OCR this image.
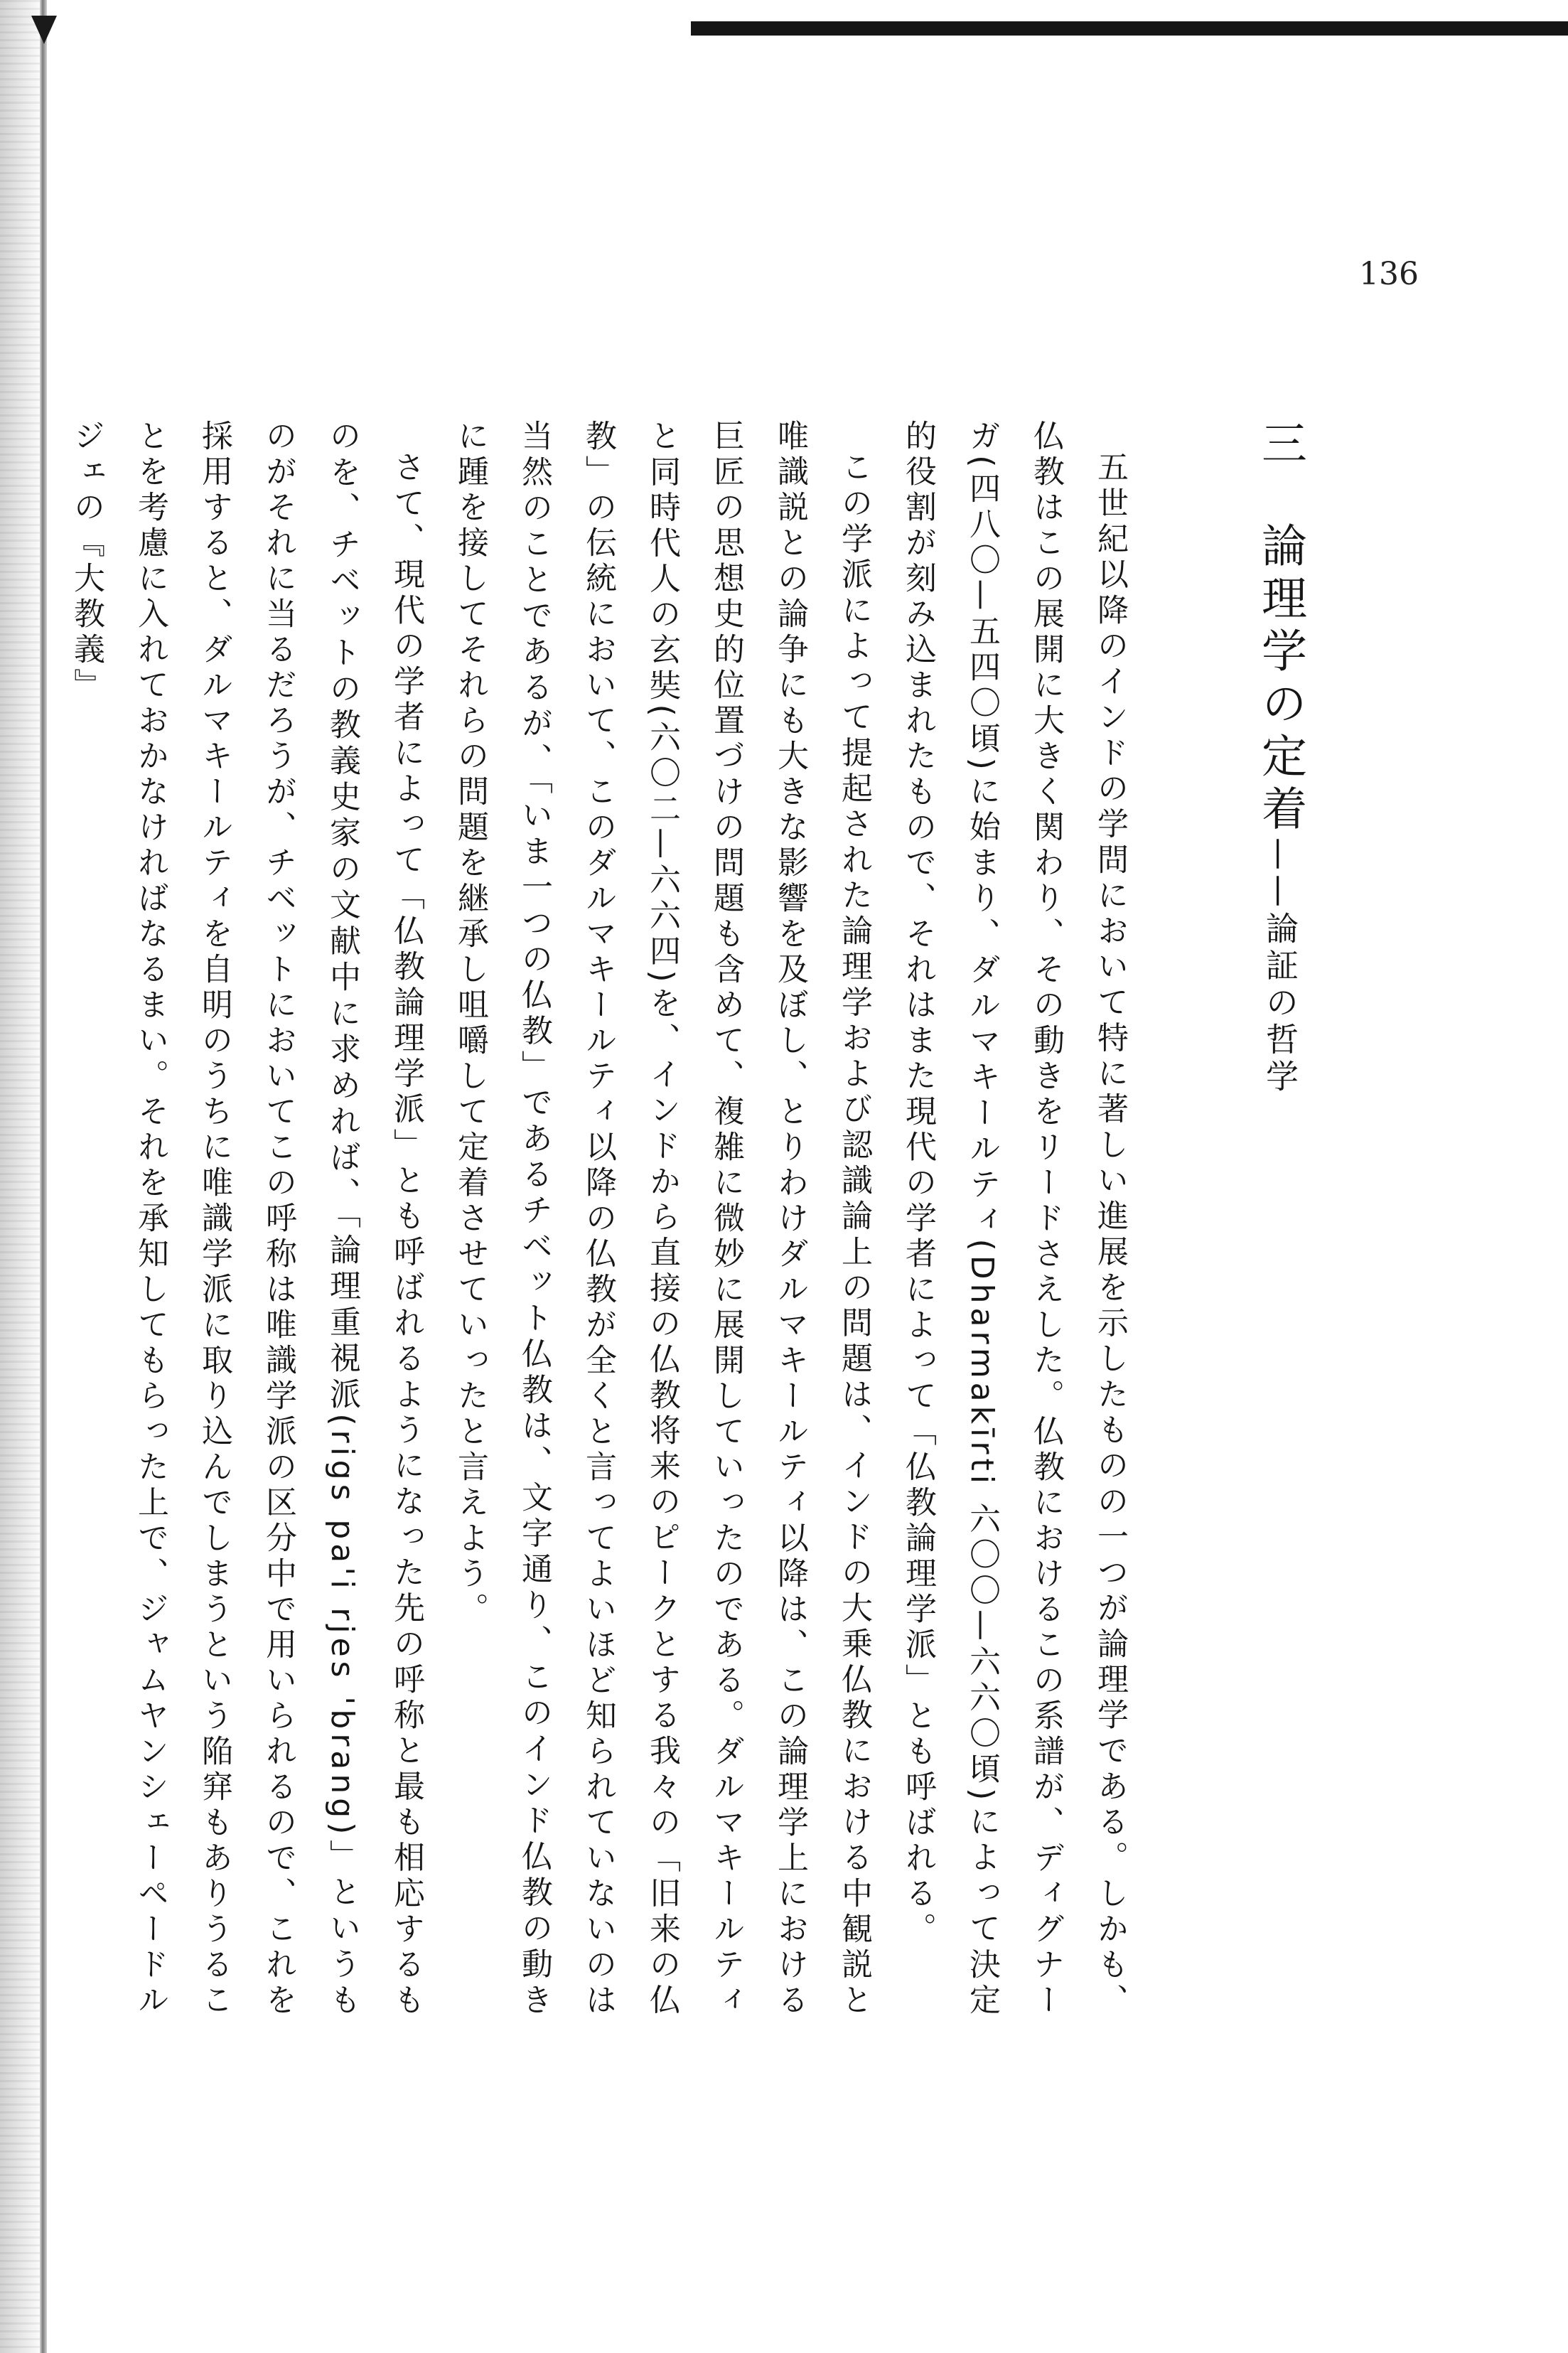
136
三論理学の定着——論証の哲学

五世紀以降のインドの学問において特に著しい進展を示したものの一つが論理学である。しかも、仏教はこの展開に大きく関わり、その動きをリードさえした。仏教におけるこの系譜が、ディグナーガ(四八〇—五四〇頃)に始まり、ダルマキールティ(Dharmakīrti 六〇〇—六六〇頃)によって決定的役割が刻み込まれたもので、それはまた現代の学者によって「仏教論理学派」とも呼ばれる。

この学派によって提起された論理学および認識論上の問題は、インドの大乗仏教における中観説と唯識説との論争にも大きな影響を及ぼし、とりわけダルマキールティ以降は、この論理学上における巨匠の思想史的位置づけの問題も含めて、複雑に微妙に展開していったのである。ダルマキールティと同時代人の玄奘(六〇二—六六四)を、インドから直接の仏教将来のピークとする我々の「旧来の仏教」の伝統において、このダルマキールティ以降の仏教が全くと言ってよいほど知られていないのは当然のことであるが、「いま一つの仏教」であるチベット仏教は、文字通り、このインド仏教の動きに踵を接してそれらの問題を継承し咀嚼して定着させていったと言えよう。

さて、現代の学者によって「仏教論理学派」とも呼ばれるようになった先の呼称と最も相応するものを、チベットの教義史家の文献中に求めれば、「論理重視派(rigs pa'i rjes 'brang)」というものがそれに当るだろうが、チベットにおいてこの呼称は唯識学派の区分中で用いられるので、これを採用すると、ダルマキールティを自明のうちに唯識学派に取り込んでしまうという陥穽もありうることを考慮に入れておかなければなるまい。それを承知してもらった上で、ジャムヤンシェーペードルジェの『大教義』
